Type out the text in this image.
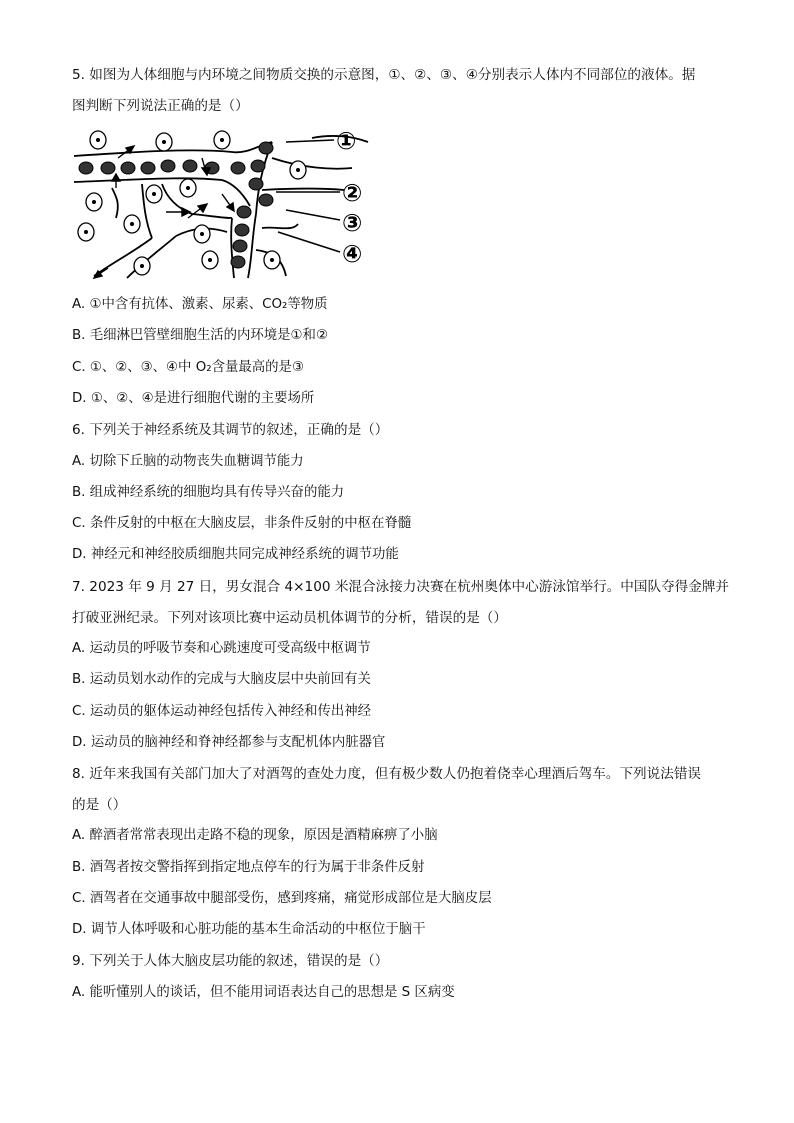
5. 如图为人体细胞与内环境之间物质交换的示意图，①、②、③、④分别表示人体内不同部位的液体。据
图判断下列说法正确的是（）
①
②
③
④
A. ①中含有抗体、激素、尿素、CO₂等物质
B. 毛细淋巴管壁细胞生活的内环境是①和②
C. ①、②、③、④中 O₂含量最高的是③
D. ①、②、④是进行细胞代谢的主要场所
6. 下列关于神经系统及其调节的叙述，正确的是（）
A. 切除下丘脑的动物丧失血糖调节能力
B. 组成神经系统的细胞均具有传导兴奋的能力
C. 条件反射的中枢在大脑皮层，非条件反射的中枢在脊髓
D. 神经元和神经胶质细胞共同完成神经系统的调节功能
7. 2023 年 9 月 27 日，男女混合 4×100 米混合泳接力决赛在杭州奥体中心游泳馆举行。中国队夺得金牌并
打破亚洲纪录。下列对该项比赛中运动员机体调节的分析，错误的是（）
A. 运动员的呼吸节奏和心跳速度可受高级中枢调节
B. 运动员划水动作的完成与大脑皮层中央前回有关
C. 运动员的躯体运动神经包括传入神经和传出神经
D. 运动员的脑神经和脊神经都参与支配机体内脏器官
8. 近年来我国有关部门加大了对酒驾的查处力度，但有极少数人仍抱着侥幸心理酒后驾车。下列说法错误
的是（）
A. 醉酒者常常表现出走路不稳的现象，原因是酒精麻痹了小脑
B. 酒驾者按交警指挥到指定地点停车的行为属于非条件反射
C. 酒驾者在交通事故中腿部受伤，感到疼痛，痛觉形成部位是大脑皮层
D. 调节人体呼吸和心脏功能的基本生命活动的中枢位于脑干
9. 下列关于人体大脑皮层功能的叙述，错误的是（）
A. 能听懂别人的谈话，但不能用词语表达自己的思想是 S 区病变
